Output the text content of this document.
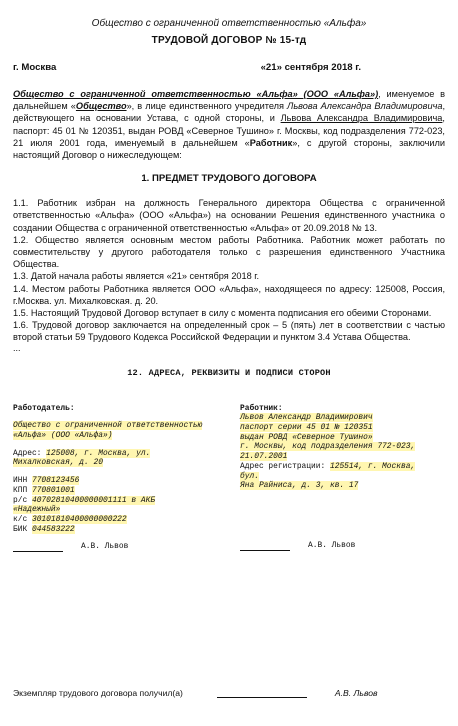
Общество с ограниченной ответственностью «Альфа»
ТРУДОВОЙ ДОГОВОР № 15-тд
г. Москва	«21» сентября 2018 г.

Общество с ограниченной ответственностью «Альфа» (ООО «Альфа»), именуемое в дальнейшем «Общество», в лице единственного учредителя Львова Александра Владимировича, действующего на основании Устава, с одной стороны, и Львова Александра Владимировича, паспорт: 45 01 № 120351, выдан РОВД «Северное Тушино» г. Москвы, код подразделения 772-023, 21 июля 2001 года, именуемый в дальнейшем «Работник», с другой стороны, заключили настоящий Договор о нижеследующем:

1. ПРЕДМЕТ ТРУДОВОГО ДОГОВОРА

1.1. Работник избран на должность Генерального директора Общества с ограниченной ответственностью «Альфа» (ООО «Альфа») на основании Решения единственного участника о создании Общества с ограниченной ответственностью «Альфа» от 20.09.2018 № 13.

1.2. Общество является основным местом работы Работника. Работник может работать по совместительству у другого работодателя только с разрешения единственного Участника Общества.

1.3. Датой начала работы является «21» сентября 2018 г.

1.4. Местом работы Работника является ООО «Альфа», находящееся по адресу: 125008, Россия, г.Москва. ул. Михалковская. д. 20.

1.5. Настоящий Трудовой Договор вступает в силу с момента подписания его обеими Сторонами.

1.6. Трудовой договор заключается на определенный срок – 5 (пять) лет в соответствии с частью второй статьи 59 Трудового Кодекса Российской Федерации и пунктом 3.4 Устава Общества.

...
12. АДРЕСА, РЕКВИЗИТЫ И ПОДПИСИ СТОРОН
Работодатель:
Общество с ограниченной ответственностью
«Альфа» (ООО «Альфа»)
Адрес: 125008, г. Москва, ул.
Михалковская, д. 20
ИНН 7708123456
КПП 770801001
р/с 40702810400000001111 в АКБ
«Надежный»
к/с 30101810400000000222
БИК 044583222
А.В. Львов
Работник:
Львов Александр Владимирович
паспорт серии 45 01 № 120351
выдан РОВД «Северное Тушино»
г. Москвы, код подразделения 772-023,
21.07.2001
Адрес регистрации: 125514, г. Москва,
бул.
Яна Райниса, д. 3, кв. 17
А.В. Львов
Экземпляр трудового договора получил(а)	А.В. Львов
